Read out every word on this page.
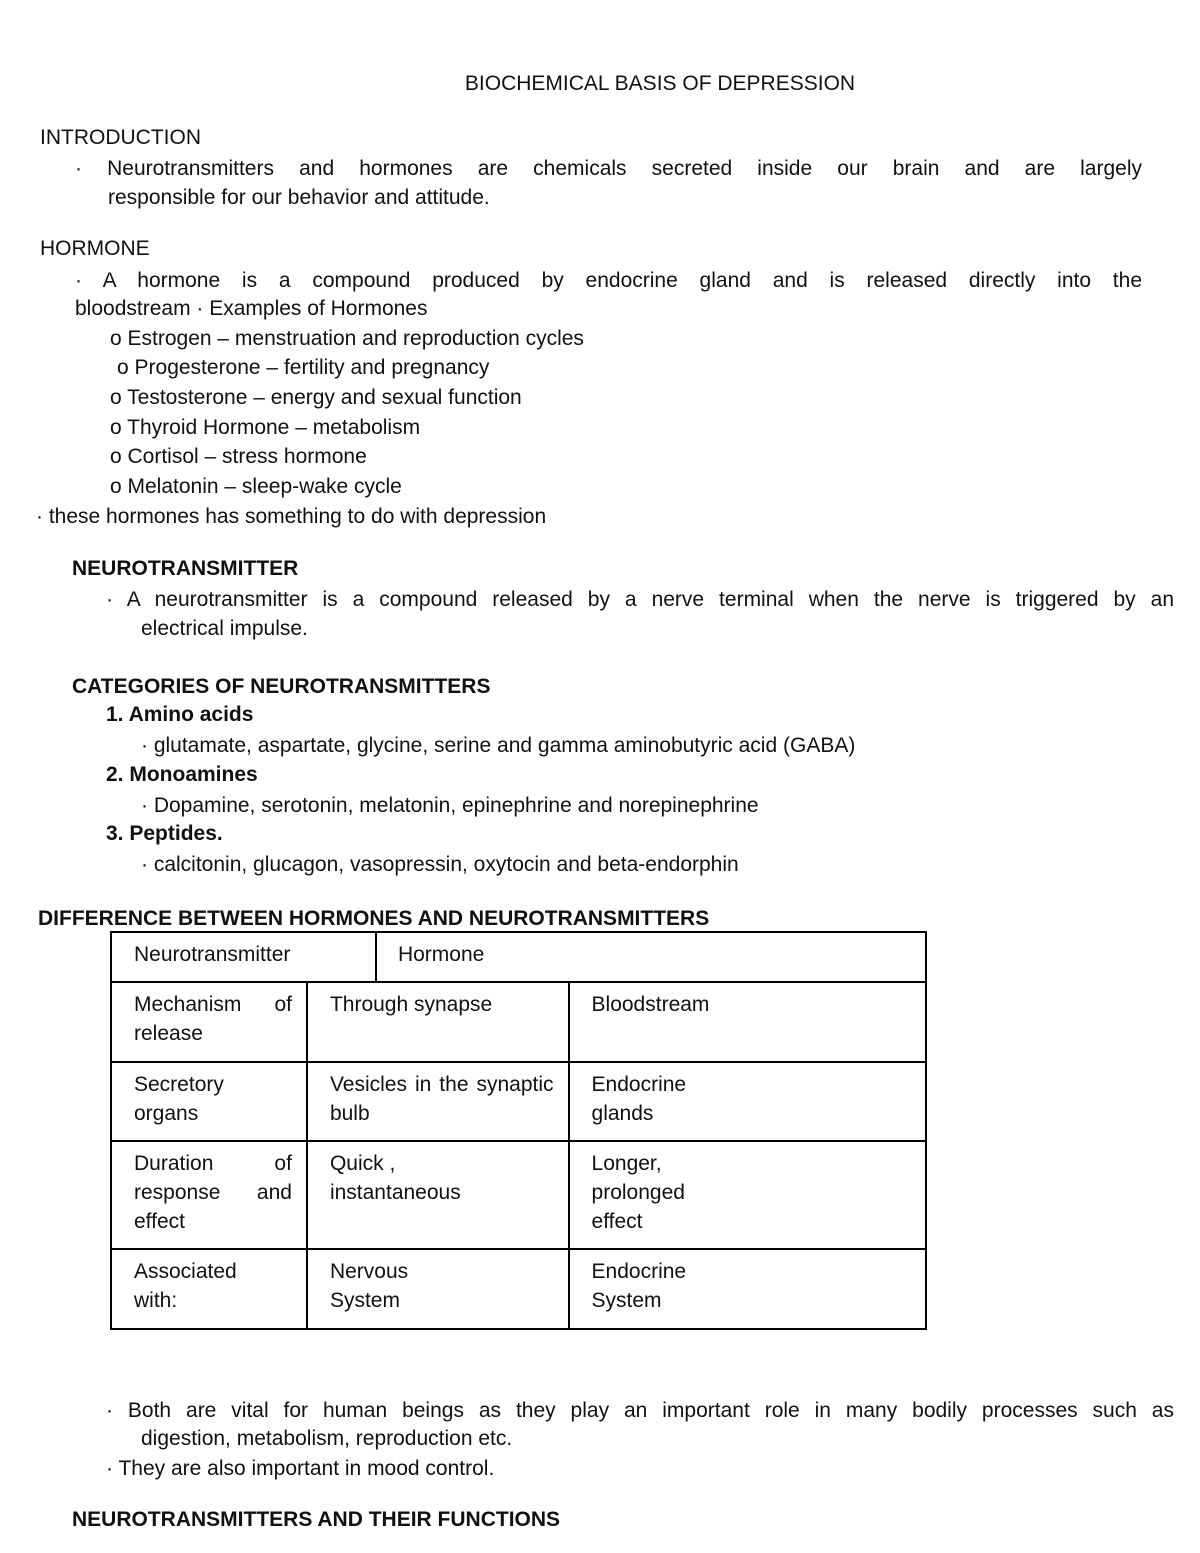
BIOCHEMICAL BASIS OF DEPRESSION
INTRODUCTION
· Neurotransmitters and hormones are chemicals secreted inside our brain and are largely
responsible for our behavior and attitude.
HORMONE
· A hormone is a compound produced by endocrine gland and is released directly into the
bloodstream · Examples of Hormones
o Estrogen – menstruation and reproduction cycles
o Progesterone – fertility and pregnancy
o Testosterone – energy and sexual function
o Thyroid Hormone – metabolism
o Cortisol – stress hormone
o Melatonin – sleep-wake cycle
· these hormones has something to do with depression
NEUROTRANSMITTER
· A neurotransmitter is a compound released by a nerve terminal when the nerve is triggered by an
electrical impulse.
CATEGORIES OF NEUROTRANSMITTERS
1. Amino acids
· glutamate, aspartate, glycine, serine and gamma aminobutyric acid (GABA)
2. Monoamines
· Dopamine, serotonin, melatonin, epinephrine and norepinephrine
3. Peptides.
· calcitonin, glucagon, vasopressin, oxytocin and beta-endorphin
DIFFERENCE BETWEEN HORMONES AND NEUROTRANSMITTERS
Neurotransmitter	Hormone	
Mechanism of release	Through synapse	Bloodstream
Secretory organs	Vesicles in the synaptic bulb	Endocrine glands
Duration of response and effect	Quick , instantaneous	Longer, prolonged effect

Associated with:	Nervous System	Endocrine System
· Both are vital for human beings as they play an important role in many bodily processes such as
digestion, metabolism, reproduction etc.
· They are also important in mood control.
NEUROTRANSMITTERS AND THEIR FUNCTIONS
